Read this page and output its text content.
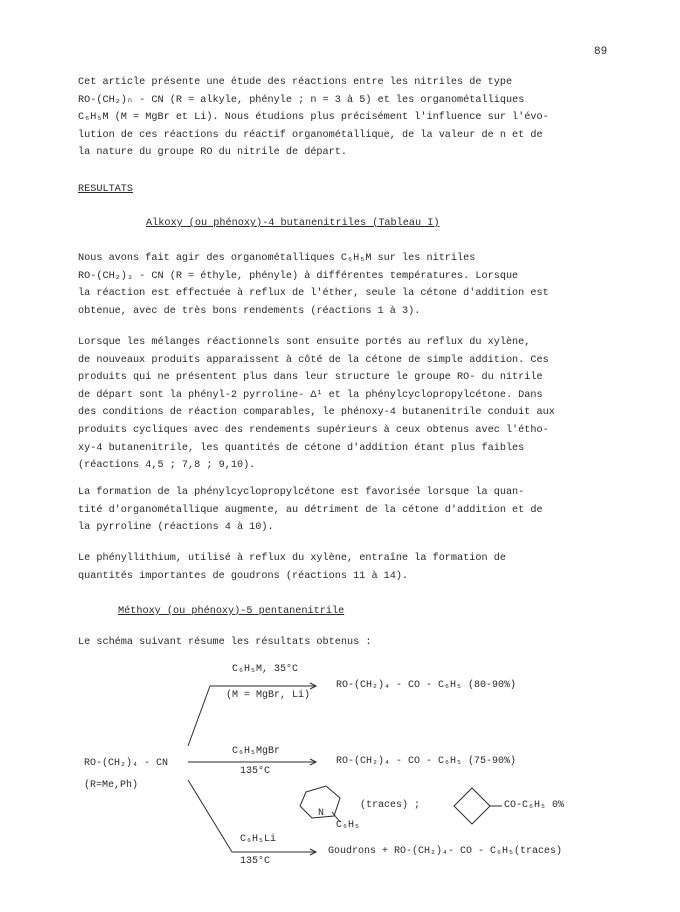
89
Cet article présente une étude des réactions entre les nitriles de type
RO-(CH₂)ₙ - CN (R = alkyle, phényle ; n = 3 à 5) et les organométalliques
C₆H₅M (M = MgBr et Li). Nous étudions plus précisément l'influence sur l'évo-
lution de ces réactions du réactif organométallique, de la valeur de n et de
la nature du groupe RO du nitrile de départ.
RESULTATS
Alkoxy (ou phénoxy)-4 butanenitriles (Tableau I)
Nous avons fait agir des organométalliques C₆H₅M sur les nitriles
RO-(CH₂)₃ - CN (R = éthyle, phényle) à différentes températures. Lorsque
la réaction est effectuée à reflux de l'éther, seule la cétone d'addition est
obtenue, avec de très bons rendements (réactions 1 à 3).
Lorsque les mélanges réactionnels sont ensuite portés au reflux du xylène,
de nouveaux produits apparaissent à côté de la cétone de simple addition. Ces
produits qui ne présentent plus dans leur structure le groupe RO- du nitrile
de départ sont la phényl-2 pyrroline- Δ¹ et la phénylcyclopropylcétone. Dans
des conditions de réaction comparables, le phénoxy-4 butanenitrile conduit aux
produits cycliques avec des rendements supérieurs à ceux obtenus avec l'étho-
xy-4 butanenitrile, les quantités de cétone d'addition étant plus faibles
(réactions 4,5 ; 7,8 ; 9,10).
La formation de la phénylcyclopropylcétone est favorisée lorsque la quan-
tité d'organométallique augmente, au détriment de la cétone d'addition et de
la pyrroline (réactions 4 à 10).
Le phényllithium, utilisé à reflux du xylène, entraîne la formation de
quantités importantes de goudrons (réactions 11 à 14).
Méthoxy (ou phénoxy)-5 pentanenitrile
Le schéma suivant résume les résultats obtenus :
C₆H₅M, 35°C
(M = MgBr, Li)
RO-(CH₂)₄ - CO - C₆H₅ (80-90%)
RO-(CH₂)₄ - CN
(R=Me,Ph)
C₆H₅MgBr
135°C
RO-(CH₂)₄ - CO - C₆H₅ (75-90%)
N
C₆H₅
(traces) ;	CO-C₆H₅ 0%
C₆H₅Li
135°C
Goudrons + RO-(CH₂)₄- CO - C₆H₅(traces)
